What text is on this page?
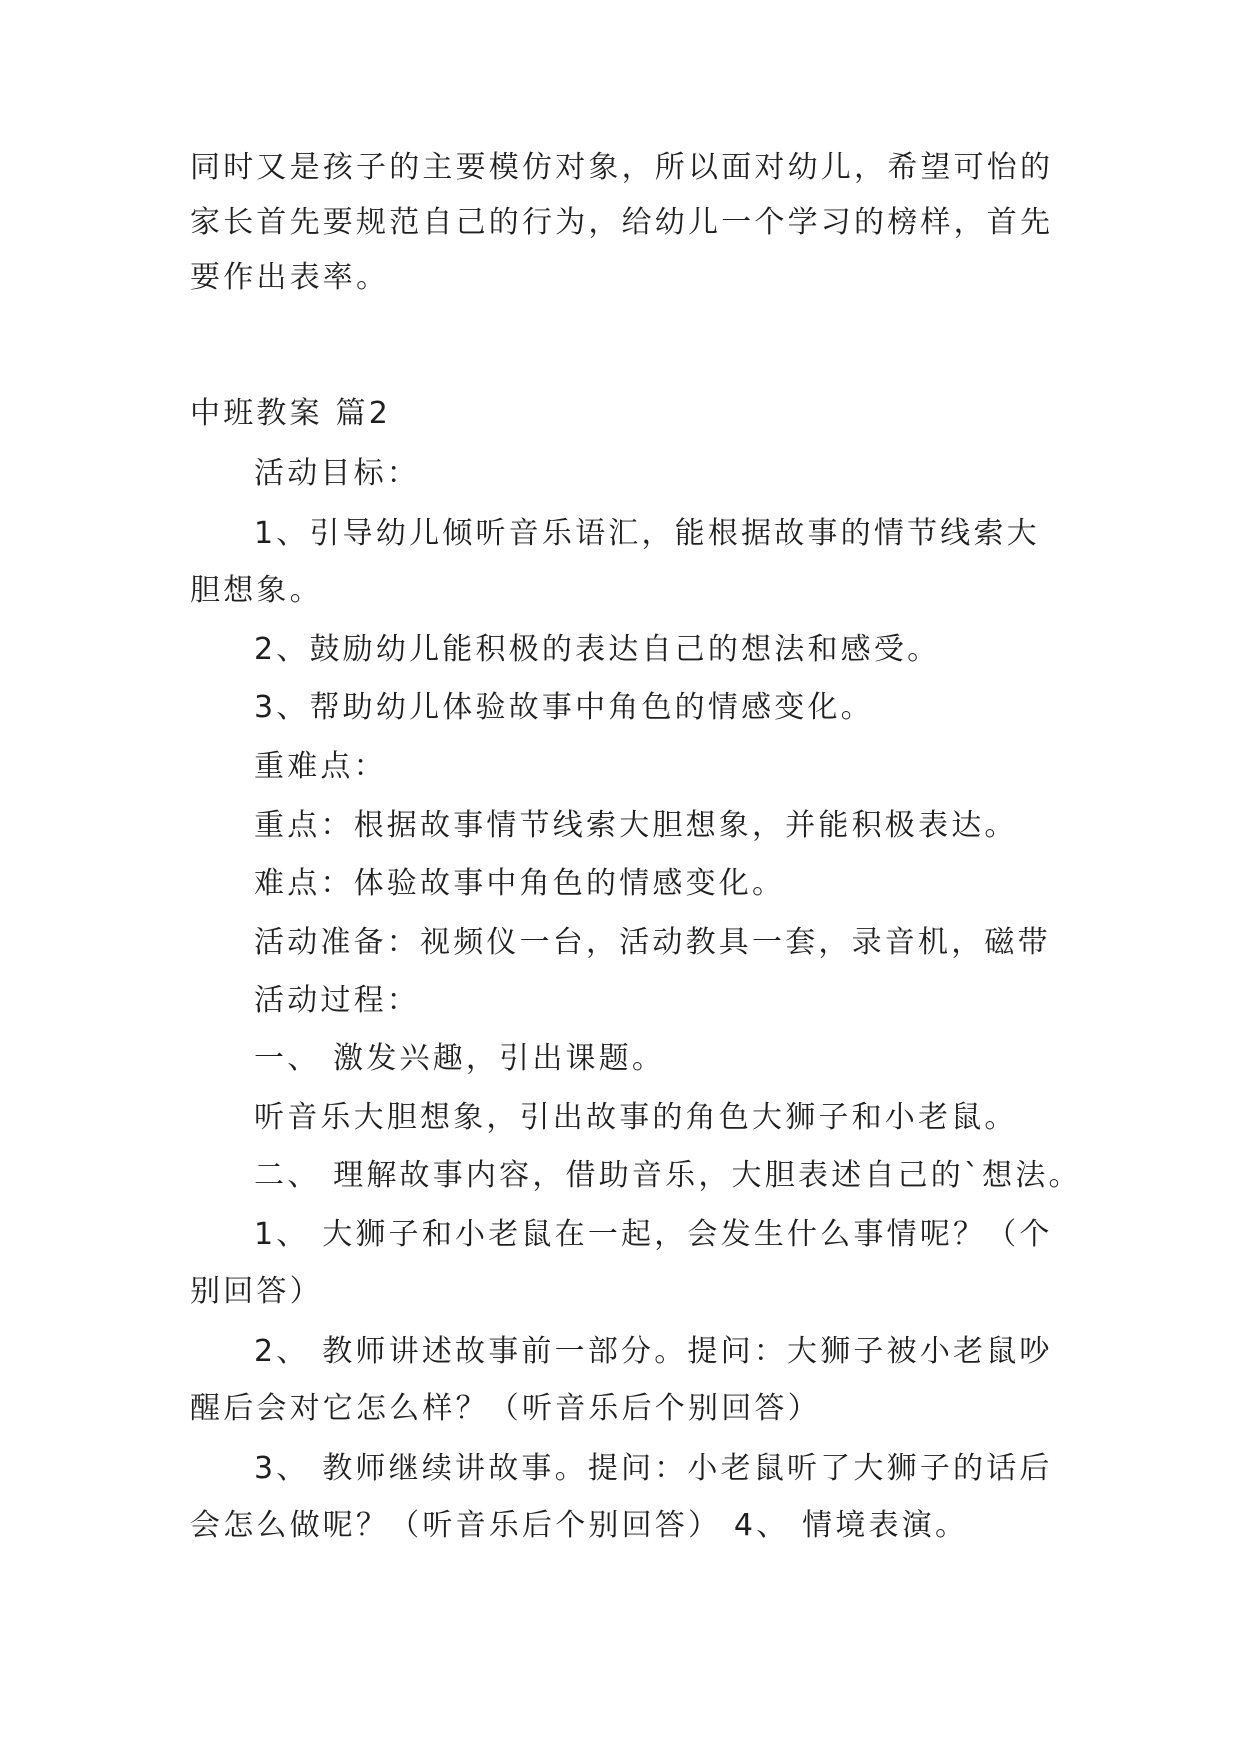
同时又是孩子的主要模仿对象，所以面对幼儿，希望可怡的

家长首先要规范自己的行为，给幼儿一个学习的榜样，首先

要作出表率。

中班教案 篇2

活动目标：

1、引导幼儿倾听音乐语汇，能根据故事的情节线索大

胆想象。

2、鼓励幼儿能积极的表达自己的想法和感受。

3、帮助幼儿体验故事中角色的情感变化。

重难点：

重点：根据故事情节线索大胆想象，并能积极表达。

难点：体验故事中角色的情感变化。

活动准备：视频仪一台，活动教具一套，录音机，磁带

活动过程：

一、 激发兴趣，引出课题。

听音乐大胆想象，引出故事的角色大狮子和小老鼠。

二、 理解故事内容，借助音乐，大胆表述自己的`想法。

1、 大狮子和小老鼠在一起，会发生什么事情呢？（个

别回答）

2、 教师讲述故事前一部分。提问：大狮子被小老鼠吵

醒后会对它怎么样？（听音乐后个别回答）

3、 教师继续讲故事。提问：小老鼠听了大狮子的话后

会怎么做呢？（听音乐后个别回答） 4、 情境表演。
